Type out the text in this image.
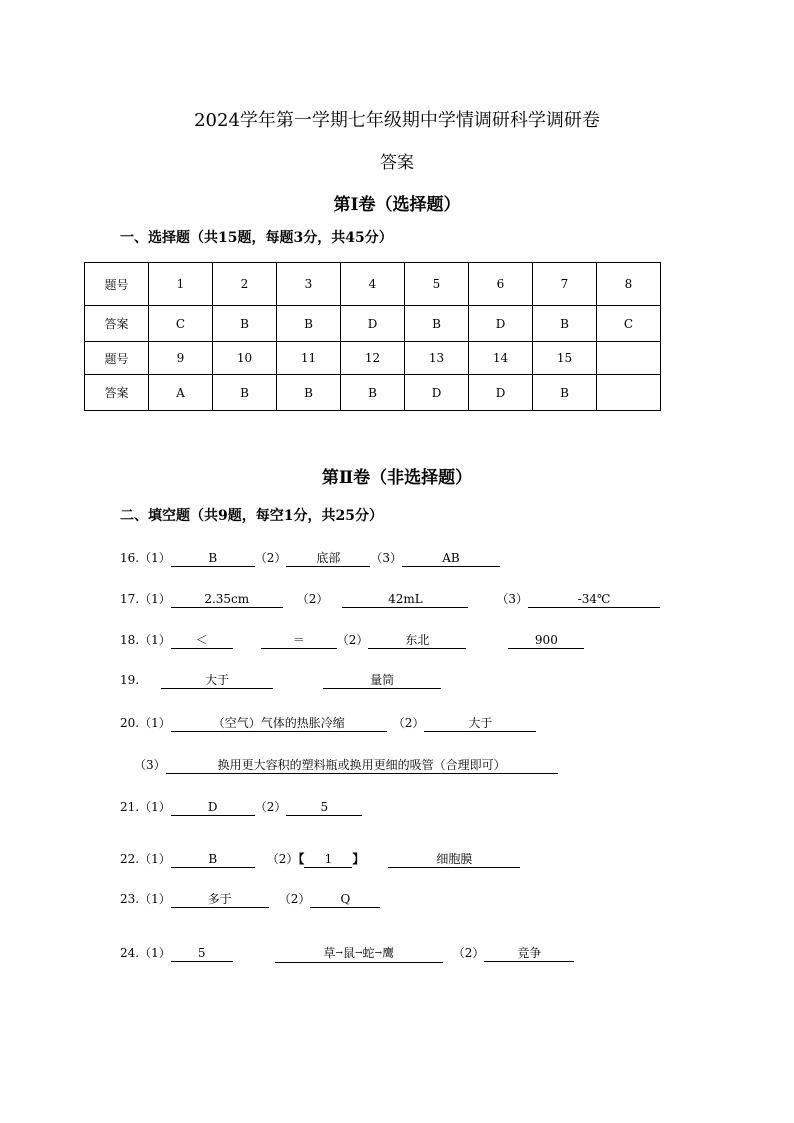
2024学年第一学期七年级期中学情调研科学调研卷
答案
第Ⅰ卷（选择题）
一、选择题（共15题，每题3分，共45分）
题号	1	2	3	4	5	6	7	8
答案	C	B	B	D	B	D	B	C
题号	9	10	11	12	13	14	15	
答案	A	B	B	B	D	D	B	
第Ⅱ卷（非选择题）
二、填空题（共9题，每空1分，共25分）
16.（1）	B	（2） 底部	（3）	AB
17.（1）	2.35cm	（2）	42mL	（3）	-34℃
18.（1） ＜	＝	（2）	东北	900
19.	大于	量筒
20.（1）	（空气）气体的热胀冷缩	（2）	大于
（3）	换用更大容积的塑料瓶或换用更细的吸管（合理即可）
21.（1）	D	（2）	5
22.（1）	B	（2）【 1 】	细胞膜
23.（1）	多于	（2）	Q
24.（1） 5	草→鼠→蛇→鹰	（2）	竞争
